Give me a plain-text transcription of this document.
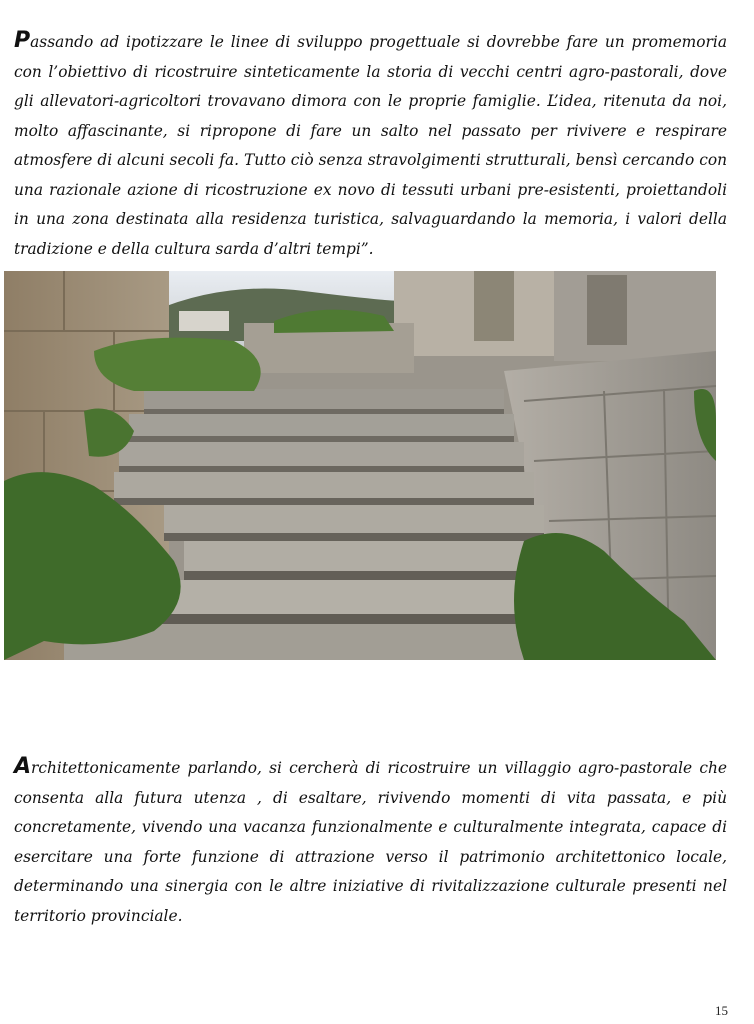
Passando ad ipotizzare le linee di sviluppo progettuale si dovrebbe fare un promemoria con l’obiettivo di ricostruire sinteticamente la storia di vecchi centri agro-pastorali, dove gli allevatori-agricoltori trovavano dimora con le proprie famiglie. L’idea, ritenuta da noi, molto affascinante, si ripropone di fare un salto nel passato per rivivere e respirare atmosfere di alcuni secoli fa. Tutto ciò senza stravolgimenti strutturali, bensì cercando con una razionale azione di ricostruzione ex novo di tessuti urbani pre-esistenti, proiettandoli in una zona destinata alla residenza turistica, salvaguardando la memoria, i valori della tradizione e della cultura sarda d’altri tempi”.

Architettonicamente parlando, si cercherà di ricostruire un villaggio agro-pastorale che consenta alla futura utenza , di esaltare, rivivendo momenti di vita passata, e più concretamente, vivendo una vacanza funzionalmente e culturalmente integrata, capace di esercitare una forte funzione di attrazione verso il patrimonio architettonico locale, determinando una sinergia con le altre iniziative di rivitalizzazione culturale presenti nel territorio provinciale.

15
